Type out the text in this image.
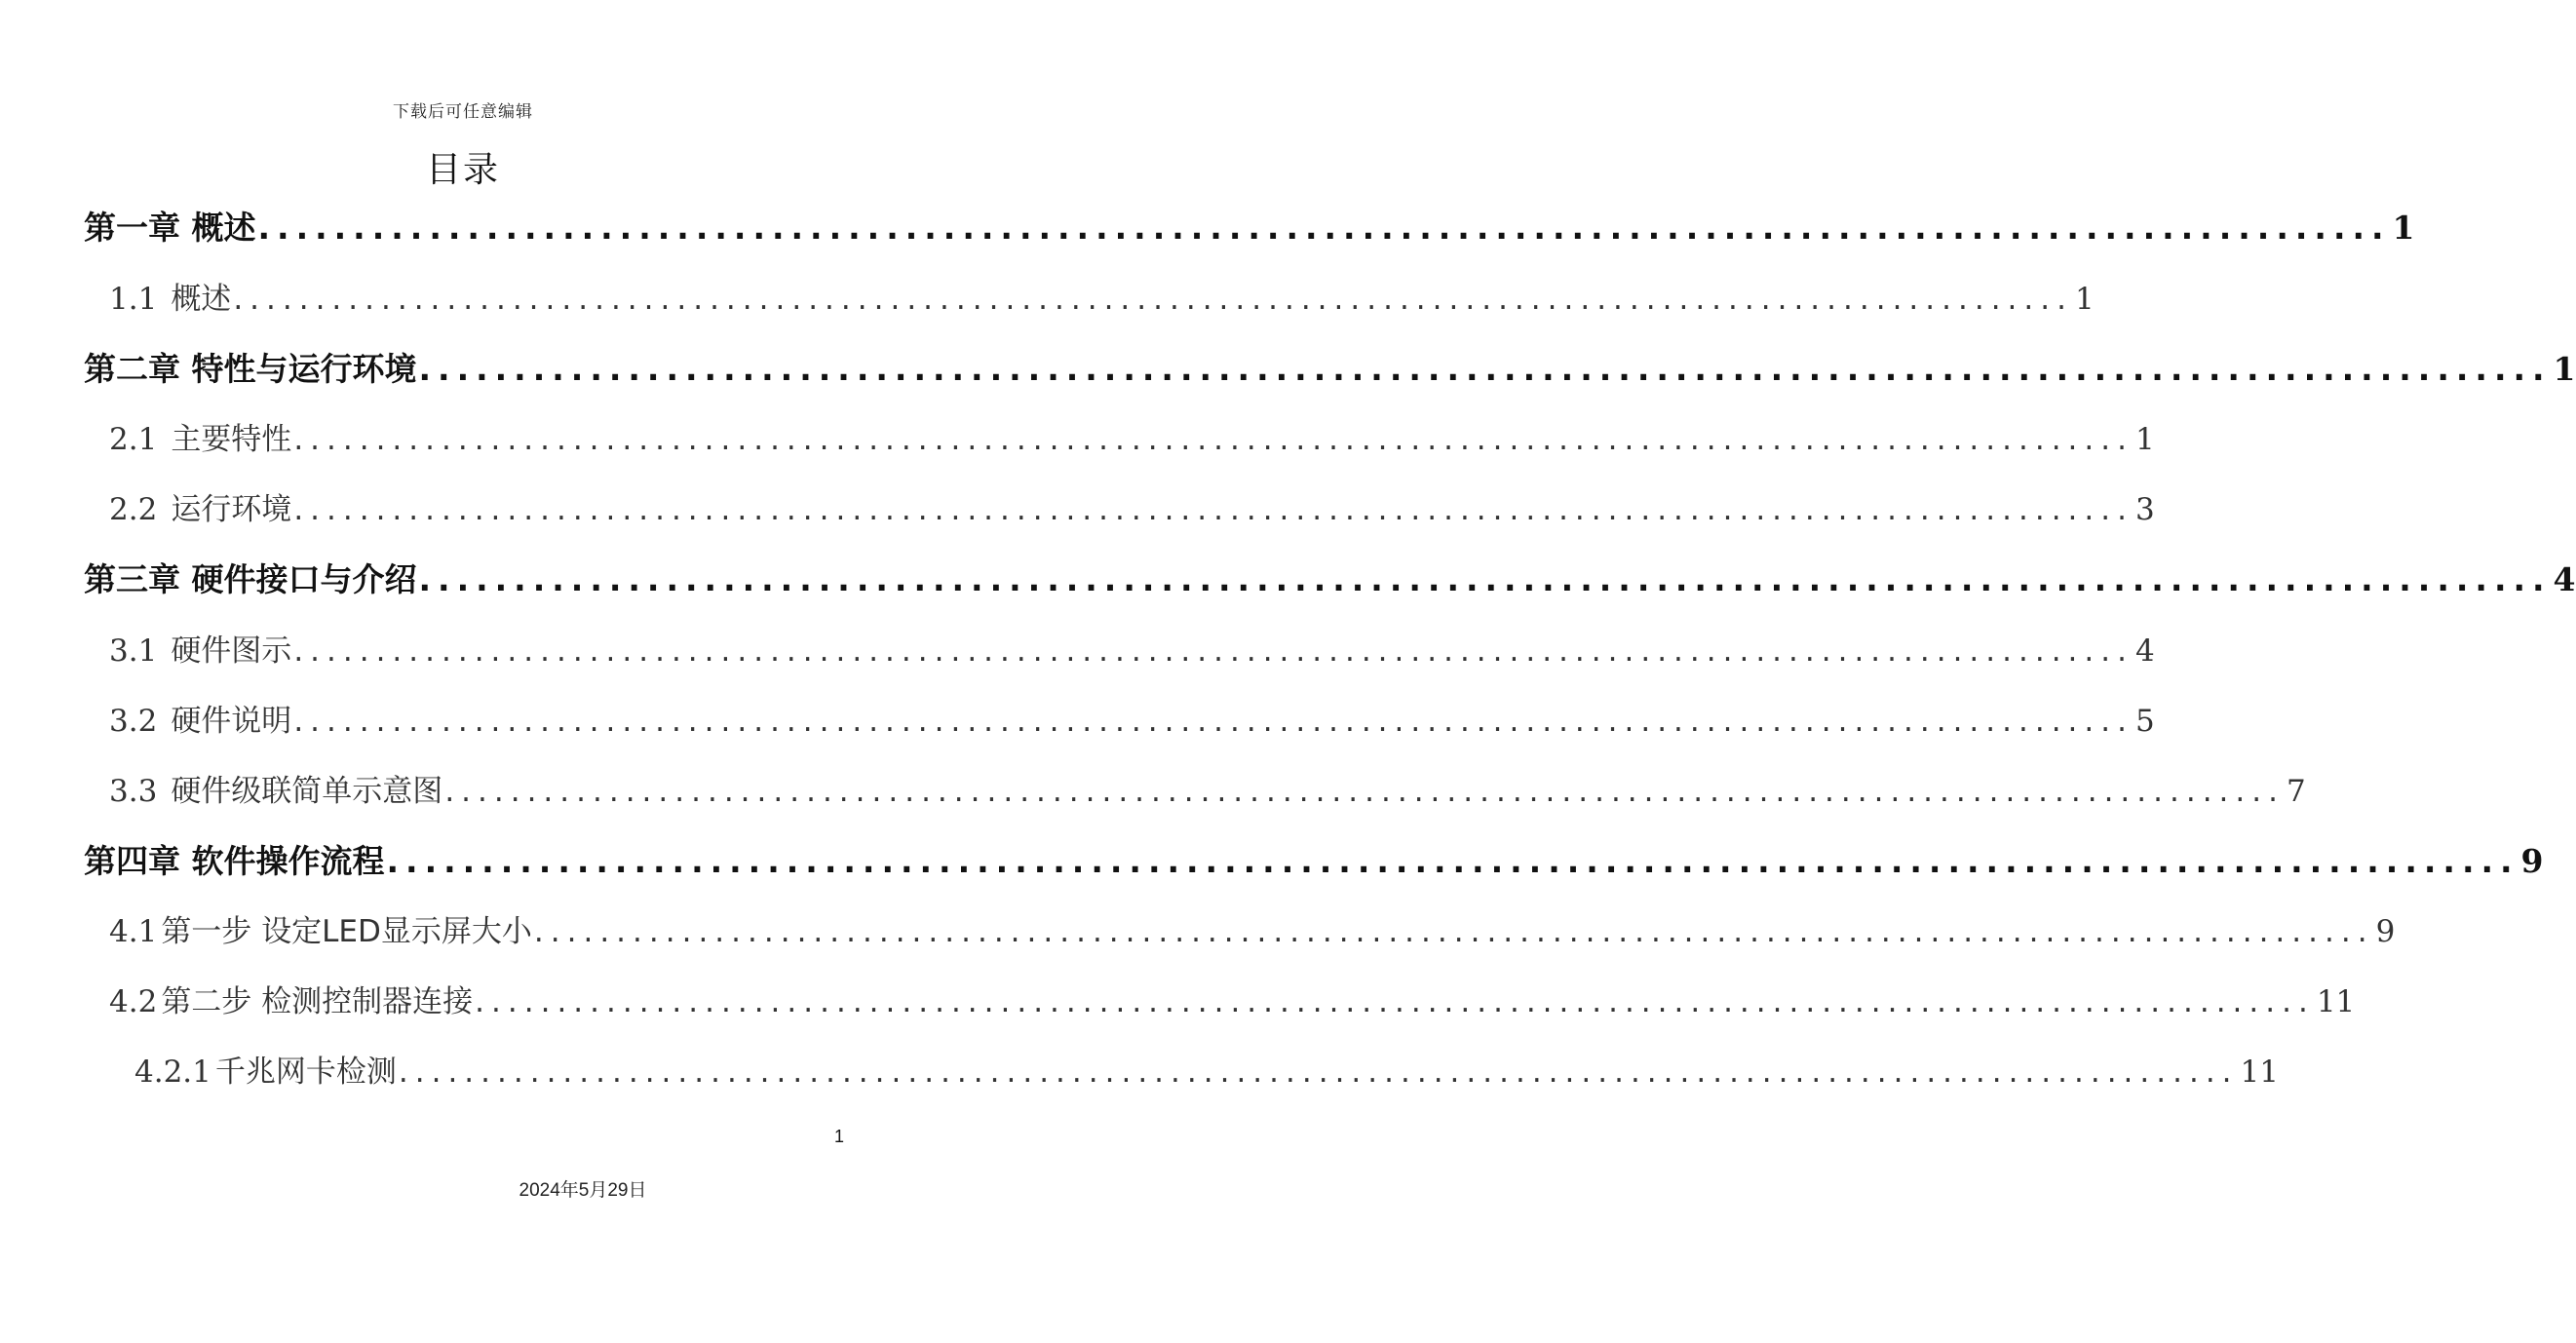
下载后可任意编辑
目录
第一章 概述 ................................................................................................................ 1
1.1 概述 ................................................................................................................ 1
第二章 特性与运行环境 ................................................................................................................ 1
2.1 主要特性 ................................................................................................................ 1
2.2 运行环境 ................................................................................................................ 3
第三章 硬件接口与介绍 ................................................................................................................ 4
3.1 硬件图示 ................................................................................................................ 4
3.2 硬件说明 ................................................................................................................ 5
3.3 硬件级联简单示意图 ................................................................................................................ 7
第四章 软件操作流程 ................................................................................................................ 9
4.1 第一步 设定LED显示屏大小 ................................................................................................................ 9
4.2 第二步 检测控制器连接 ................................................................................................................ 11
4.2.1 千兆网卡检测 ................................................................................................................ 11
1
2024年5月29日
